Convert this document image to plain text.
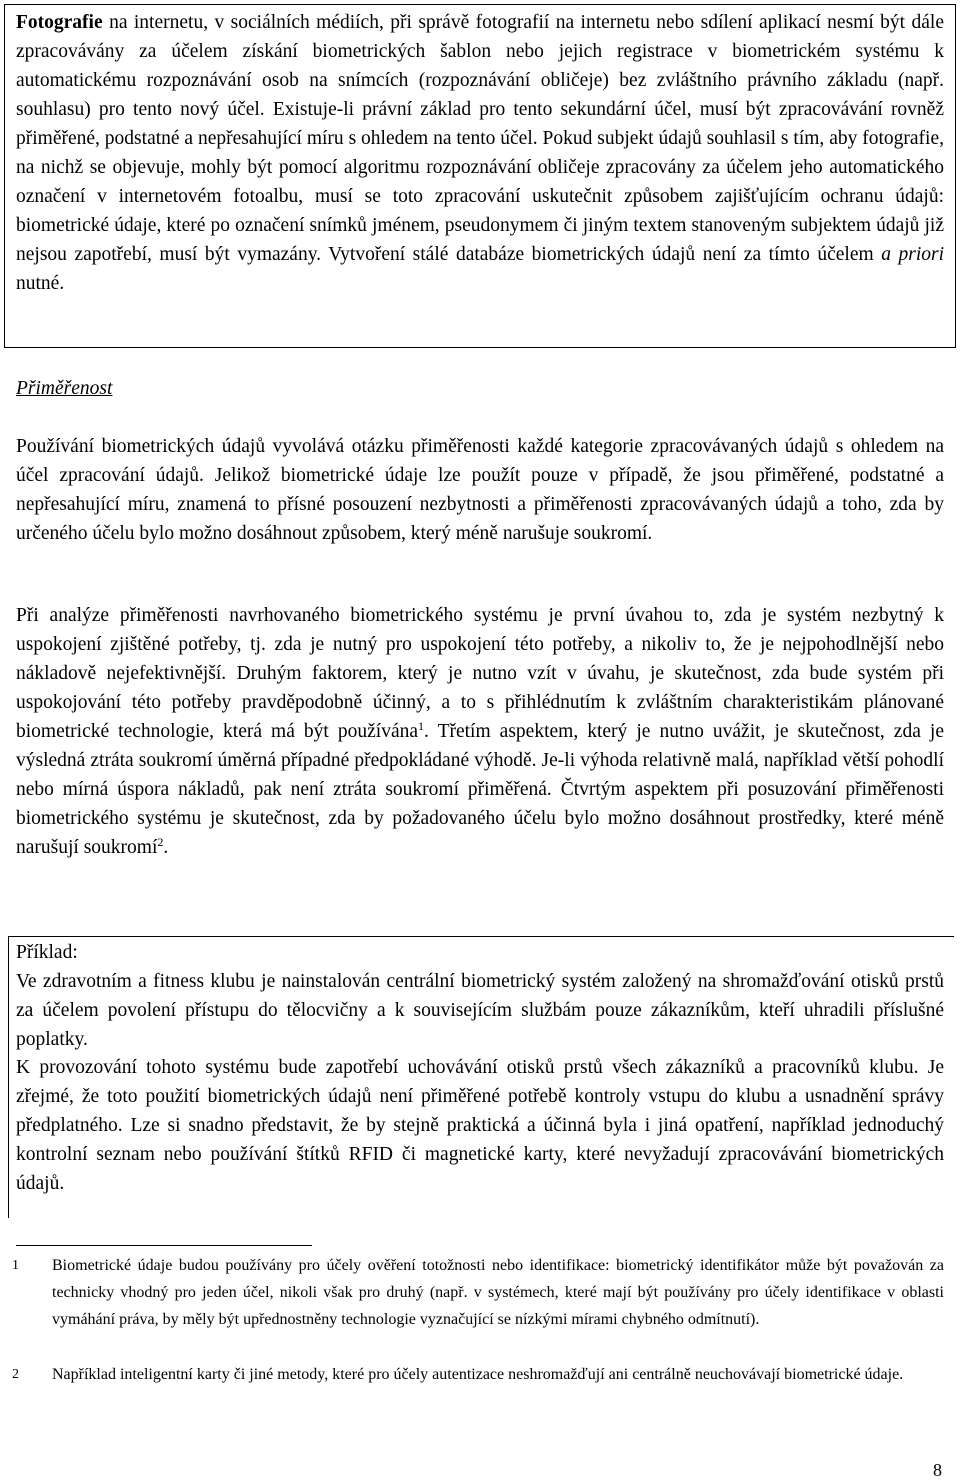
Fotografie na internetu, v sociálních médiích, při správě fotografií na internetu nebo sdílení aplikací nesmí být dále zpracovávány za účelem získání biometrických šablon nebo jejich registrace v biometrickém systému k automatickému rozpoznávání osob na snímcích (rozpoznávání obličeje) bez zvláštního právního základu (např. souhlasu) pro tento nový účel. Existuje-li právní základ pro tento sekundární účel, musí být zpracovávání rovněž přiměřené, podstatné a nepřesahující míru s ohledem na tento účel. Pokud subjekt údajů souhlasil s tím, aby fotografie, na nichž se objevuje, mohly být pomocí algoritmu rozpoznávání obličeje zpracovány za účelem jeho automatického označení v internetovém fotoalbu, musí se toto zpracování uskutečnit způsobem zajišťujícím ochranu údajů: biometrické údaje, které po označení snímků jménem, pseudonymem či jiným textem stanoveným subjektem údajů již nejsou zapotřebí, musí být vymazány. Vytvoření stálé databáze biometrických údajů není za tímto účelem a priori nutné.

Přiměřenost

Používání biometrických údajů vyvolává otázku přiměřenosti každé kategorie zpracovávaných údajů s ohledem na účel zpracování údajů. Jelikož biometrické údaje lze použít pouze v případě, že jsou přiměřené, podstatné a nepřesahující míru, znamená to přísné posouzení nezbytnosti a přiměřenosti zpracovávaných údajů a toho, zda by určeného účelu bylo možno dosáhnout způsobem, který méně narušuje soukromí.

Při analýze přiměřenosti navrhovaného biometrického systému je první úvahou to, zda je systém nezbytný k uspokojení zjištěné potřeby, tj. zda je nutný pro uspokojení této potřeby, a nikoliv to, že je nejpohodlnější nebo nákladově nejefektivnější. Druhým faktorem, který je nutno vzít v úvahu, je skutečnost, zda bude systém při uspokojování této potřeby pravděpodobně účinný, a to s přihlédnutím k zvláštním charakteristikám plánované biometrické technologie, která má být používána$^1$. Třetím aspektem, který je nutno uvážit, je skutečnost, zda je výsledná ztráta soukromí úměrná případné předpokládané výhodě. Je-li výhoda relativně malá, například větší pohodlí nebo mírná úspora nákladů, pak není ztráta soukromí přiměřená. Čtvrtým aspektem při posuzování přiměřenosti biometrického systému je skutečnost, zda by požadovaného účelu bylo možno dosáhnout prostředky, které méně narušují soukromí$^2$.

Příklad:

Ve zdravotním a fitness klubu je nainstalován centrální biometrický systém založený na shromažďování otisků prstů za účelem povolení přístupu do tělocvičny a k souvisejícím službám pouze zákazníkům, kteří uhradili příslušné poplatky.

K provozování tohoto systému bude zapotřebí uchovávání otisků prstů všech zákazníků a pracovníků klubu. Je zřejmé, že toto použití biometrických údajů není přiměřené potřebě kontroly vstupu do klubu a usnadnění správy předplatného. Lze si snadno představit, že by stejně praktická a účinná byla i jiná opatření, například jednoduchý kontrolní seznam nebo používání štítků RFID či magnetické karty, které nevyžadují zpracovávání biometrických údajů.

1 Biometrické údaje budou používány pro účely ověření totožnosti nebo identifikace: biometrický identifikátor může být považován za technicky vhodný pro jeden účel, nikoli však pro druhý (např. v systémech, které mají být používány pro účely identifikace v oblasti vymáhání práva, by měly být upřednostněny technologie vyznačující se nízkými mírami chybného odmítnutí).

2 Například inteligentní karty či jiné metody, které pro účely autentizace neshromažďují ani centrálně neuchovávají biometrické údaje.

8
